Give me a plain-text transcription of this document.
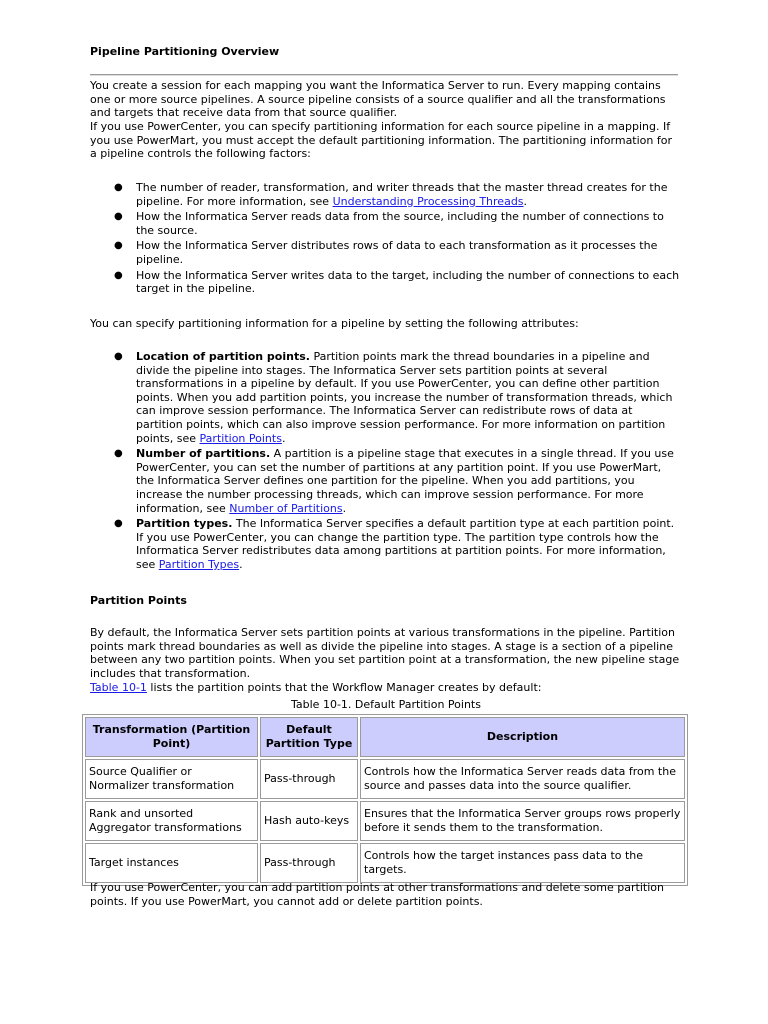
Pipeline Partitioning Overview

You create a session for each mapping you want the Informatica Server to run. Every mapping contains one or more source pipelines. A source pipeline consists of a source qualifier and all the transformations and targets that receive data from that source qualifier.

If you use PowerCenter, you can specify partitioning information for each source pipeline in a mapping. If you use PowerMart, you must accept the default partitioning information. The partitioning information for a pipeline controls the following factors:

● The number of reader, transformation, and writer threads that the master thread creates for the pipeline. For more information, see Understanding Processing Threads.
● How the Informatica Server reads data from the source, including the number of connections to the source.
● How the Informatica Server distributes rows of data to each transformation as it processes the pipeline.
● How the Informatica Server writes data to the target, including the number of connections to each target in the pipeline.

You can specify partitioning information for a pipeline by setting the following attributes:

● Location of partition points. Partition points mark the thread boundaries in a pipeline and divide the pipeline into stages. The Informatica Server sets partition points at several transformations in a pipeline by default. If you use PowerCenter, you can define other partition points. When you add partition points, you increase the number of transformation threads, which can improve session performance. The Informatica Server can redistribute rows of data at partition points, which can also improve session performance. For more information on partition points, see Partition Points.
● Number of partitions. A partition is a pipeline stage that executes in a single thread. If you use PowerCenter, you can set the number of partitions at any partition point. If you use PowerMart, the Informatica Server defines one partition for the pipeline. When you add partitions, you increase the number processing threads, which can improve session performance. For more information, see Number of Partitions.
● Partition types. The Informatica Server specifies a default partition type at each partition point. If you use PowerCenter, you can change the partition type. The partition type controls how the Informatica Server redistributes data among partitions at partition points. For more information, see Partition Types.
Partition Points

By default, the Informatica Server sets partition points at various transformations in the pipeline. Partition points mark thread boundaries as well as divide the pipeline into stages. A stage is a section of a pipeline between any two partition points. When you set partition point at a transformation, the new pipeline stage includes that transformation.

Table 10-1 lists the partition points that the Workflow Manager creates by default:

Table 10-1. Default Partition Points
Transformation (Partition Point)	Default Partition Type	Description
Source Qualifier or Normalizer transformation	Pass-through	Controls how the Informatica Server reads data from the source and passes data into the source qualifier.
Rank and unsorted Aggregator transformations	Hash auto-keys	Ensures that the Informatica Server groups rows properly before it sends them to the transformation.
Target instances	Pass-through	Controls how the target instances pass data to the targets.

If you use PowerCenter, you can add partition points at other transformations and delete some partition points. If you use PowerMart, you cannot add or delete partition points.
